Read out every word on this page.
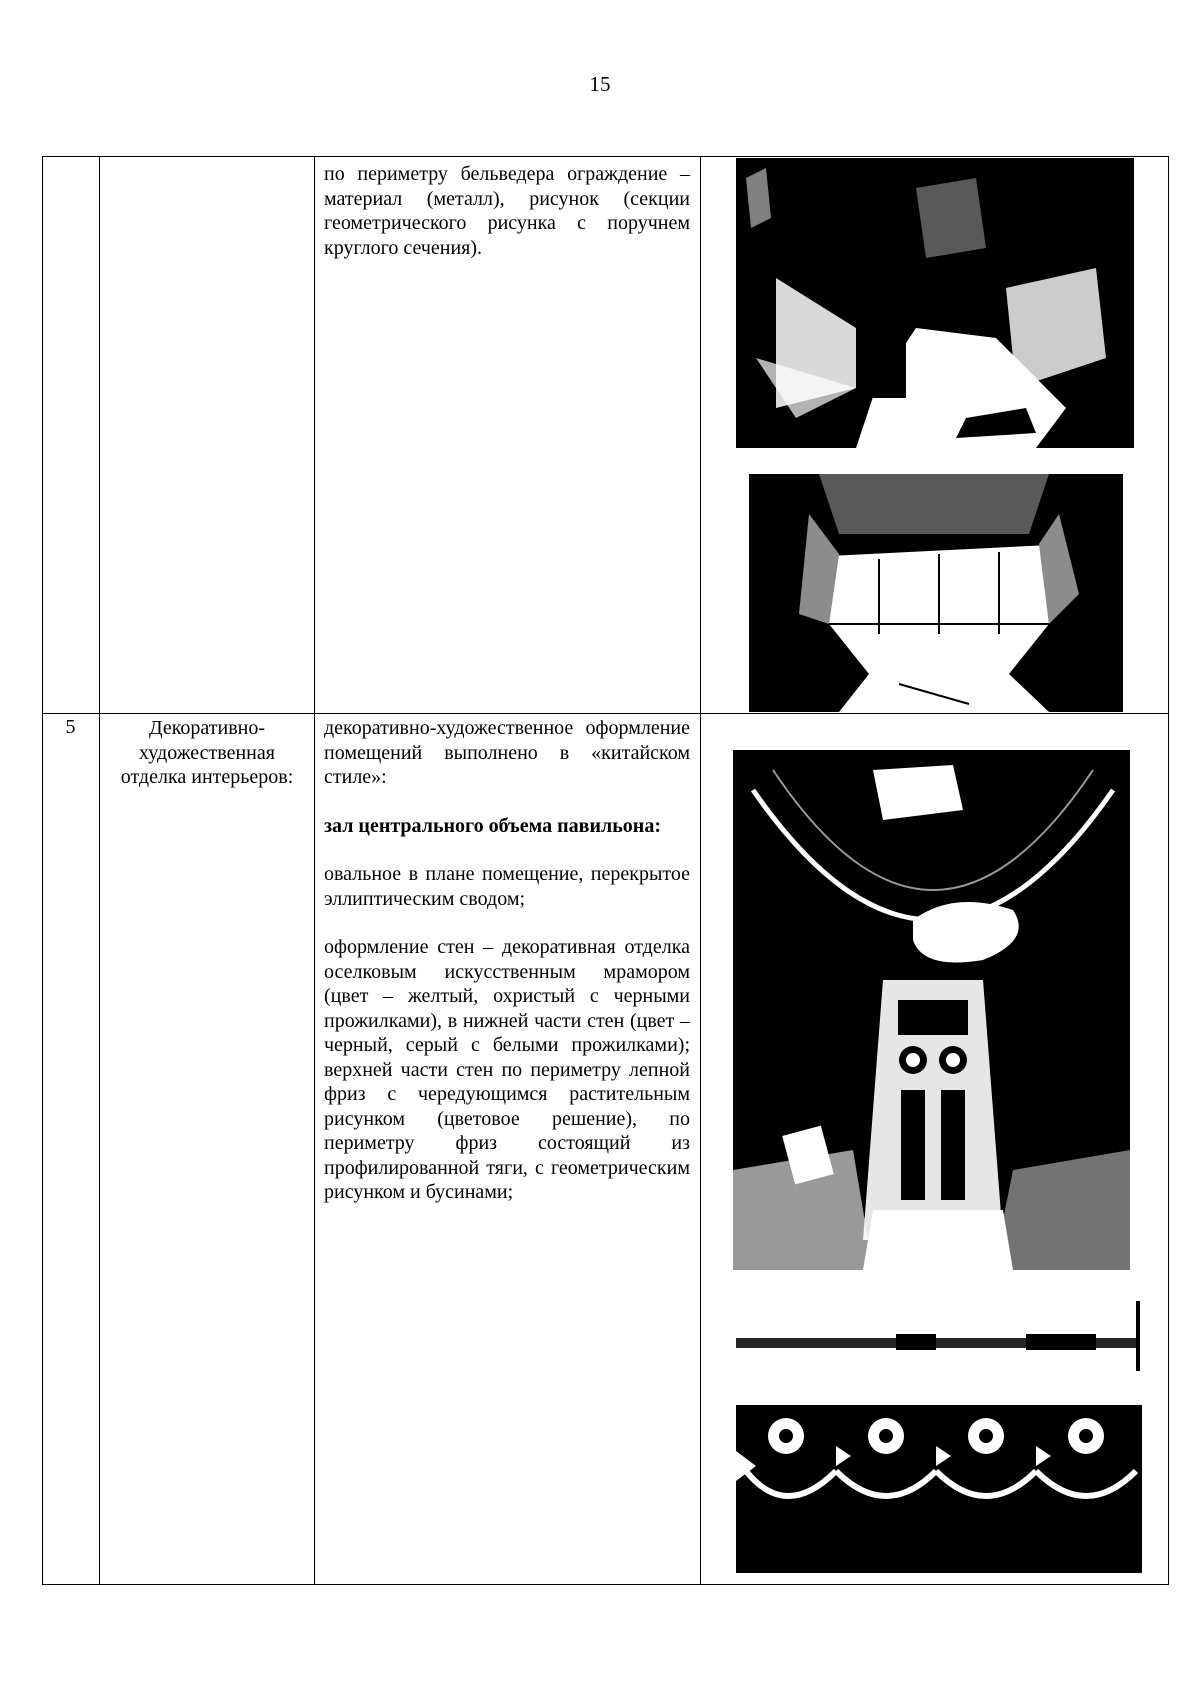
15

по периметру бельведера ограждение – материал (металл), рисунок (секции геометрического рисунка с поручнем круглого сечения).

5	Декоративно-

художественная

отделка интерьеров:

декоративно-художественное оформление помещений выполнено в «китайском стиле»:

зал центрального объема павильона:

овальное в плане помещение, перекрытое эллиптическим сводом;

оформление стен – декоративная отделка оселковым искусственным мрамором (цвет – желтый, охристый с черными прожилками), в нижней части стен (цвет – черный, серый с белыми прожилками); верхней части стен по периметру лепной фриз с чередующимся растительным рисунком (цветовое решение), по периметру фриз состоящий из профилированной тяги, с геометрическим рисунком и бусинами;
